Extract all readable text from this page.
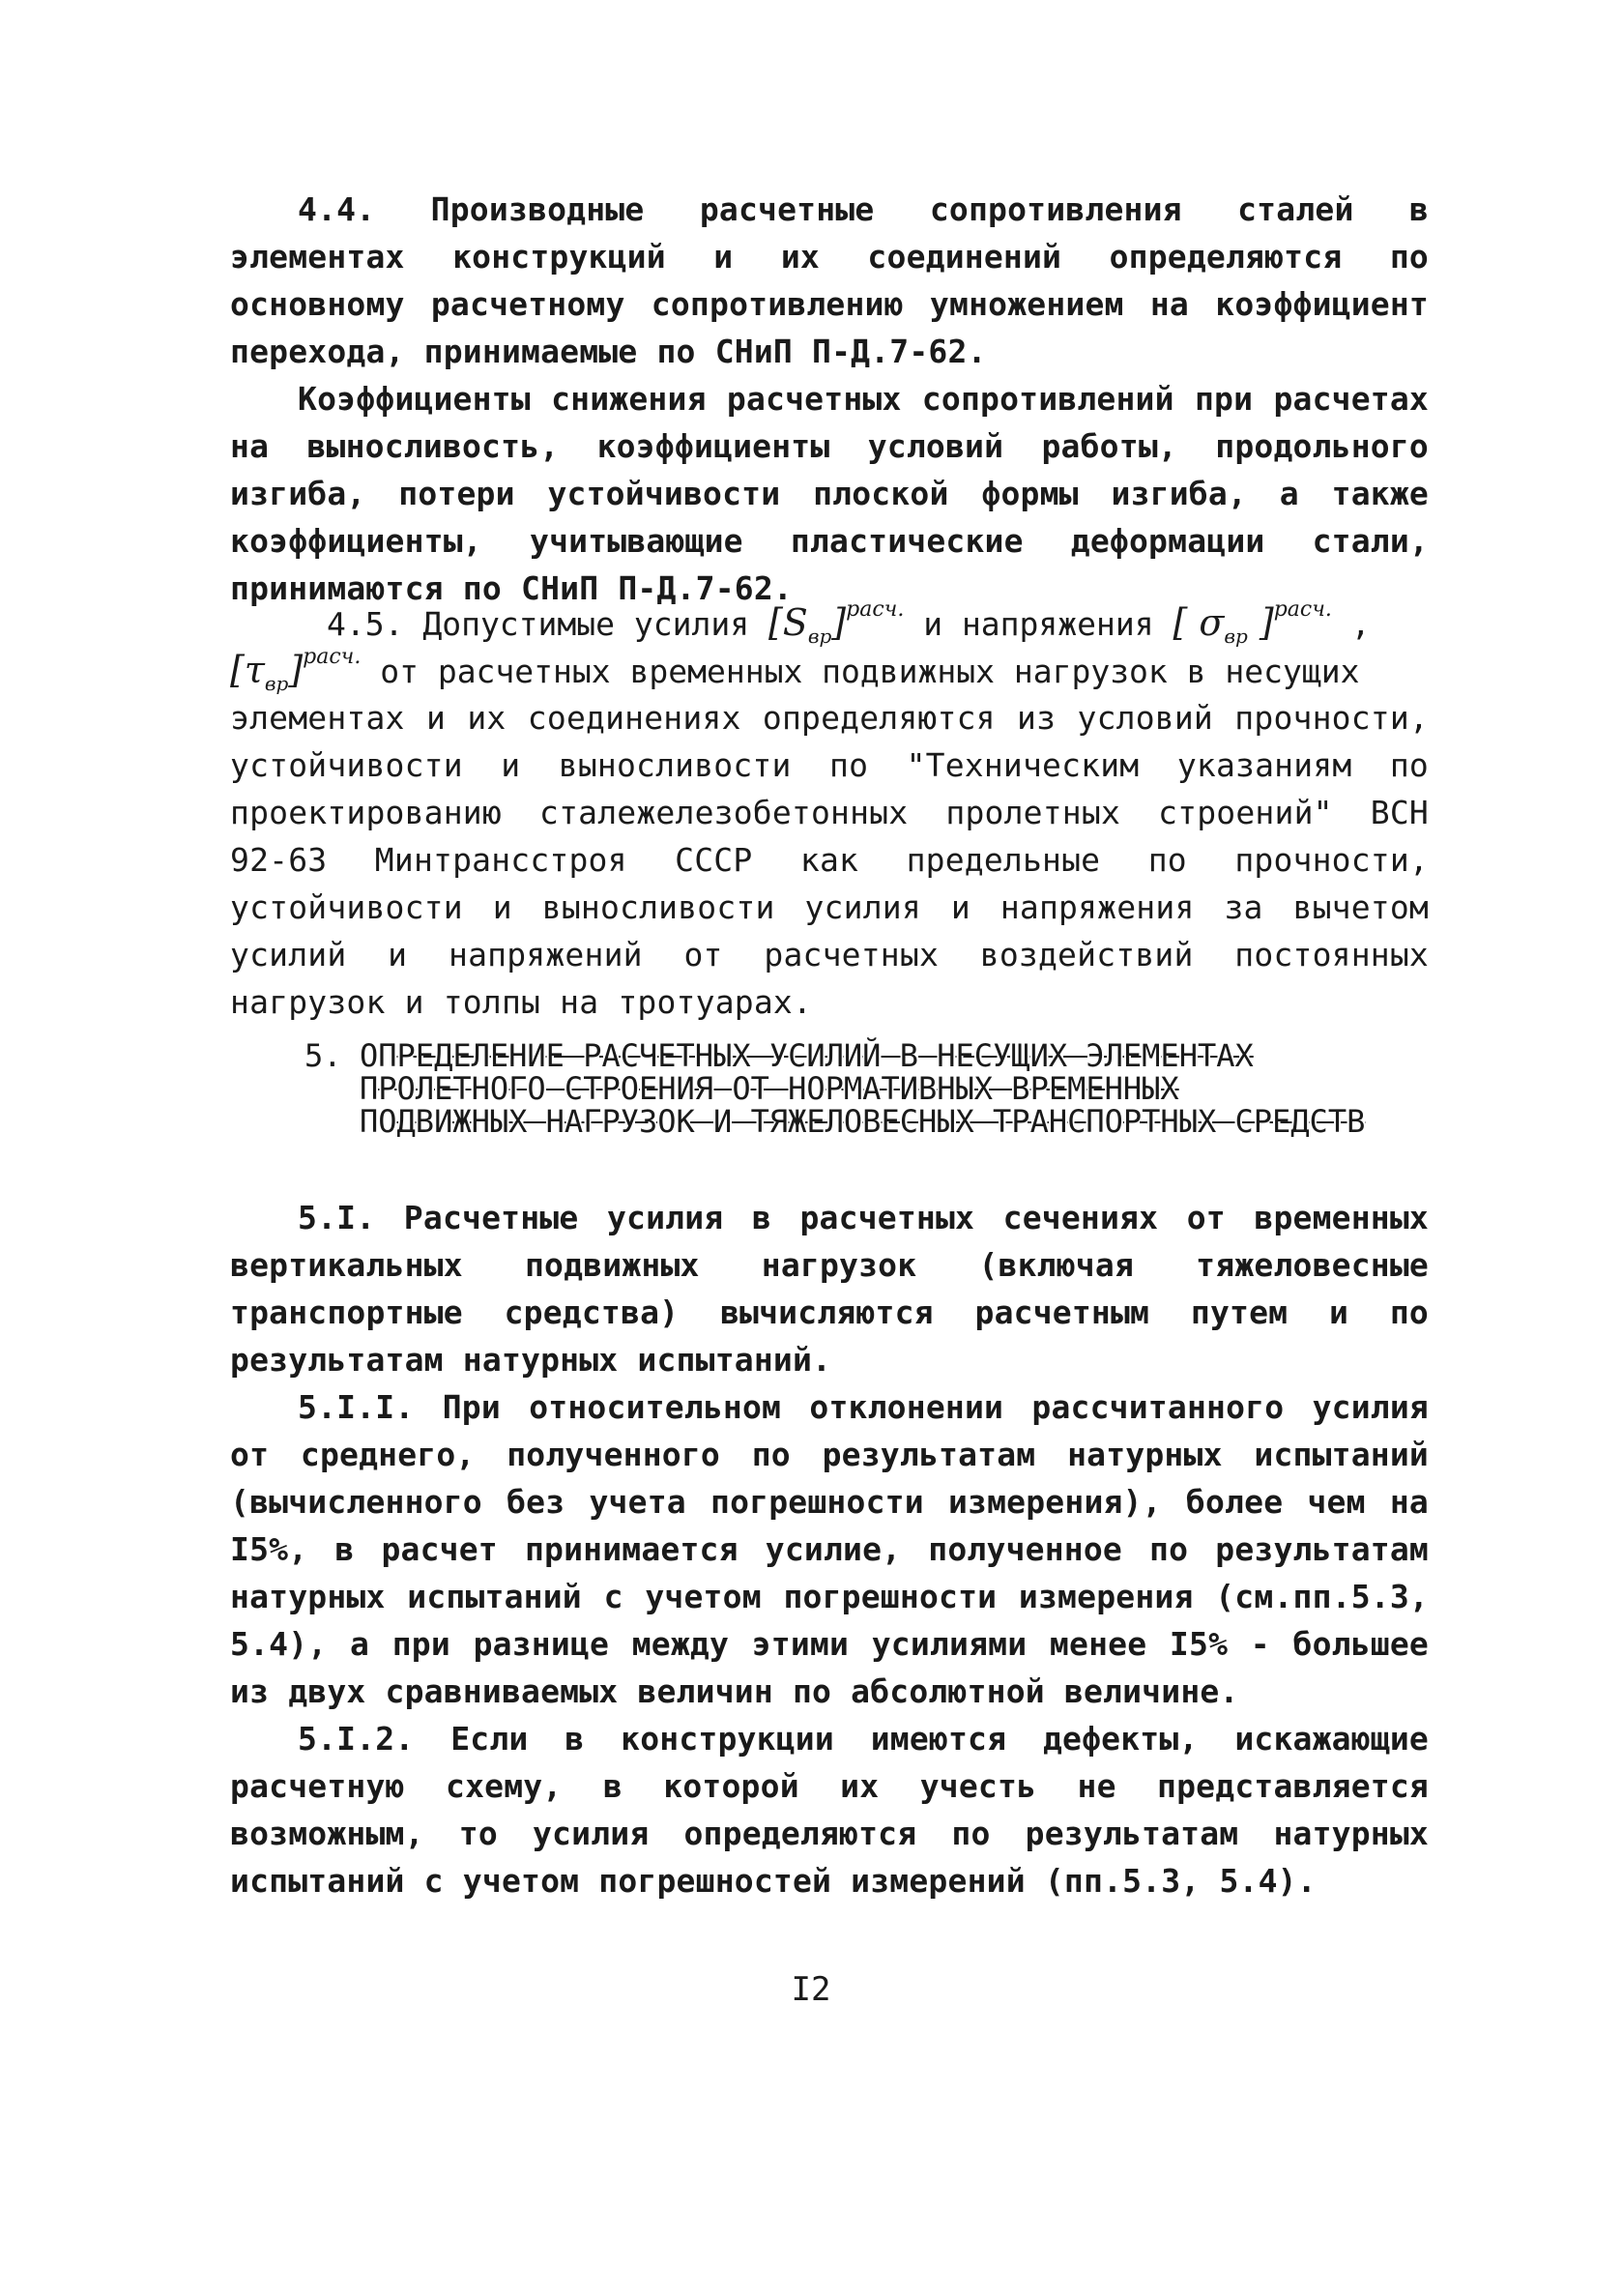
4.4. Производные расчетные сопротивления сталей в элементах конструкций и их соединений определяются по основному расчетному сопротивлению умножением на коэффициент перехода, принимаемые по СНиП П-Д.7-62.

Коэффициенты снижения расчетных сопротивлений при расчетах на выносливость, коэффициенты условий работы, продольного изгиба, потери устойчивости плоской формы изгиба, а также коэффициенты, учитывающие пластические деформации стали, принимаются по СНиП П-Д.7-62.

4.5. Допустимые усилия $[S_{вр}]^{расч.}$ и напряжения [ $\sigma_{вр}$ ]$^{расч.}$ ,
$[\tau_{вр}]^{расч.}$ от расчетных временных подвижных нагрузок в несущих

элементах и их соединениях определяются из условий прочности, устойчивости и выносливости по "Техническим указаниям по проектированию сталежелезобетонных пролетных строений" ВСН 92-63 Минтрансстроя СССР как предельные по прочности, устойчивости и выносливости усилия и напряжения за вычетом усилий и напряжений от расчетных воздействий постоянных нагрузок и толпы на тротуарах.

5. ОПРЕДЕЛЕНИЕ РАСЧЕТНЫХ УСИЛИЙ В НЕСУЩИХ ЭЛЕМЕНТАХ
ПРОЛЕТНОГО СТРОЕНИЯ ОТ НОРМАТИВНЫХ ВРЕМЕННЫХ
ПОДВИЖНЫХ НАГРУЗОК И ТЯЖЕЛОВЕСНЫХ ТРАНСПОРТНЫХ СРЕДСТВ

5.I. Расчетные усилия в расчетных сечениях от временных вертикальных подвижных нагрузок (включая тяжеловесные транспортные средства) вычисляются расчетным путем и по результатам натурных испытаний.

5.I.I. При относительном отклонении рассчитанного усилия от среднего, полученного по результатам натурных испытаний (вычисленного без учета погрешности измерения), более чем на I5%, в расчет принимается усилие, полученное по результатам натурных испытаний с учетом погрешности измерения (см.пп.5.3, 5.4), а при разнице между этими усилиями менее I5% - большее из двух сравниваемых величин по абсолютной величине.

5.I.2. Если в конструкции имеются дефекты, искажающие расчетную схему, в которой их учесть не представляется возможным, то усилия определяются по результатам натурных испытаний с учетом погрешностей измерений (пп.5.3, 5.4).

I2
